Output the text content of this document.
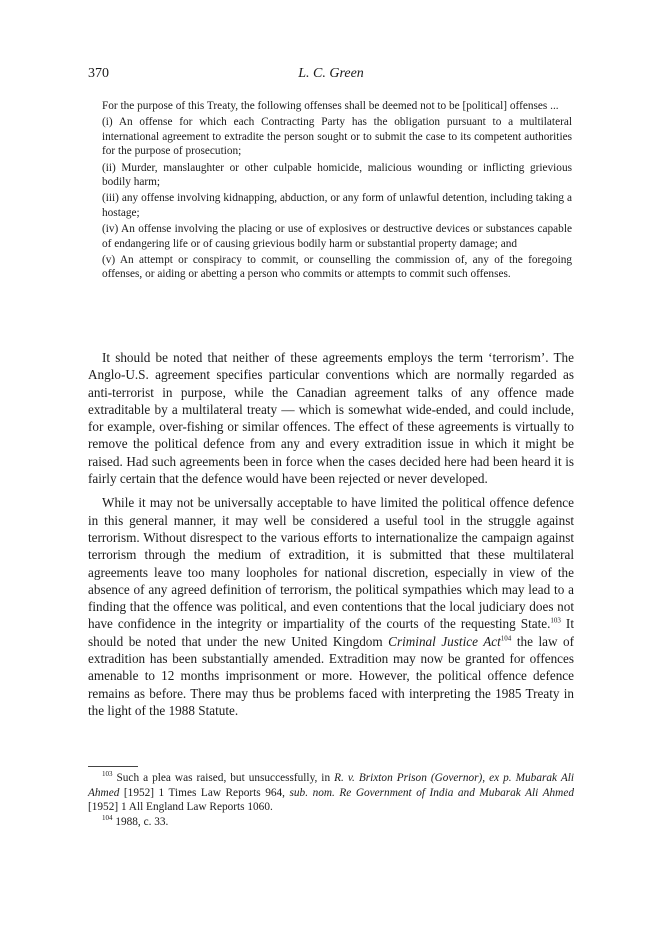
370	L. C. Green

For the purpose of this Treaty, the following offenses shall be deemed not to be [political] offenses ...

(i) An offense for which each Contracting Party has the obligation pursuant to a multilateral international agreement to extradite the person sought or to submit the case to its competent authorities for the purpose of prosecution;

(ii) Murder, manslaughter or other culpable homicide, malicious wounding or inflicting grievious bodily harm;

(iii) any offense involving kidnapping, abduction, or any form of unlawful detention, including taking a hostage;

(iv) An offense involving the placing or use of explosives or destructive devices or substances capable of endangering life or of causing grievious bodily harm or substantial property damage; and

(v) An attempt or conspiracy to commit, or counselling the commission of, any of the foregoing offenses, or aiding or abetting a person who commits or attempts to commit such offenses.

It should be noted that neither of these agreements employs the term ‘terrorism’. The Anglo-U.S. agreement specifies particular conventions which are normally regarded as anti-terrorist in purpose, while the Canadian agreement talks of any offence made extraditable by a multilateral treaty — which is somewhat wide-ended, and could include, for example, over-fishing or similar offences. The effect of these agreements is virtually to remove the political defence from any and every extradition issue in which it might be raised. Had such agreements been in force when the cases decided here had been heard it is fairly certain that the defence would have been rejected or never developed.

While it may not be universally acceptable to have limited the political offence defence in this general manner, it may well be considered a useful tool in the struggle against terrorism. Without disrespect to the various efforts to internationalize the campaign against terrorism through the medium of extradition, it is submitted that these multilateral agreements leave too many loopholes for national discretion, especially in view of the absence of any agreed definition of terrorism, the political sympathies which may lead to a finding that the offence was political, and even contentions that the local judiciary does not have confidence in the integrity or impartiality of the courts of the requesting State.$^{103}$ It should be noted that under the new United Kingdom Criminal Justice Act$^{104}$ the law of extradition has been substantially amended. Extradition may now be granted for offences amenable to 12 months imprisonment or more. However, the political offence defence remains as before. There may thus be problems faced with interpreting the 1985 Treaty in the light of the 1988 Statute.

$^{103}$ Such a plea was raised, but unsuccessfully, in R. v. Brixton Prison (Governor), ex p. Mubarak Ali Ahmed [1952] 1 Times Law Reports 964, sub. nom. Re Government of India and Mubarak Ali Ahmed [1952] 1 All England Law Reports 1060.

$^{104}$ 1988, c. 33.
